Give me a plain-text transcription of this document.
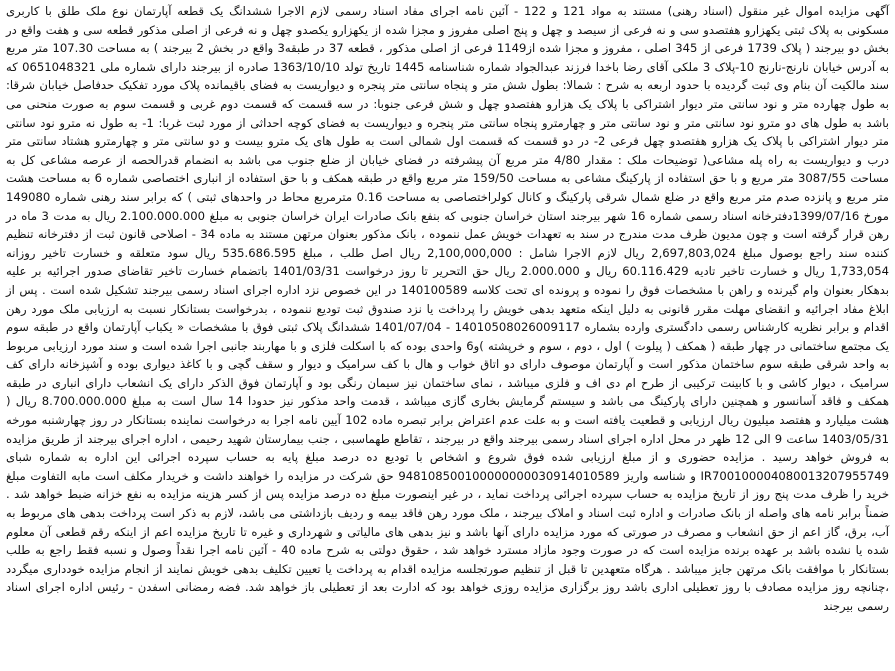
آگهی مزایده اموال غیر منقول (اسناد رهنی) مستند به مواد 121 و 122 - آئین نامه اجرای مفاد اسناد رسمی لازم الاجرا ششدانگ یک قطعه آپارتمان نوع ملک طلق با کاربری مسکونی به پلاک ثبتی یکهزارو هفتصدو سی و نه فرعی از سیصد و چهل و پنج اصلی مفروز و مجزا شده از یکهزارو یکصدو چهل و نه فرعی از اصلی مذکور قطعه سی و هفت واقع در بخش دو بیرجند ( پلاک 1739 فرعی از 345 اصلی ، مفروز و مجزا شده از1149 فرعی از اصلی مذکور ، قطعه 37 در طبقه3 واقع در بخش 2 بیرجند ) به مساحت 107.30 متر مربع به آدرس خیابان نارنج-نارنج 10-پلاک 3 ملکی آقای رضا باخدا فرزند عبدالجواد شماره شناسنامه 1445 تاریخ تولد 1363/10/10 صادره از بیرجند دارای شماره ملی 0651048321 که سند مالکیت آن بنام وی ثبت گردیده با حدود اربعه به شرح : شمالا: بطول شش متر و پنجاه سانتی متر پنجره و دیواریست به فضای باقیمانده پلاک مورد تفکیک حدفاصل خیابان شرقا: به طول چهارده متر و نود سانتی متر دیوار اشتراکی با پلاک یک هزارو هفتصدو چهل و شش فرعی جنوبا: در سه قسمت که قسمت دوم غربی و قسمت سوم به صورت منحنی می باشد به طول های دو مترو نود سانتی متر و نود سانتی متر و چهارمترو پنجاه سانتی متر پنجره و دیواریست به فضای کوچه احداثی از مورد ثبت غربا: 1- به طول نه مترو نود سانتی متر دیوار اشتراکی با پلاک یک هزارو هفتصدو چهل فرعی 2- در دو قسمت که قسمت اول شمالی است به طول های یک مترو بیست و دو سانتی متر و چهارمترو هشتاد سانتی متر درب و دیواریست به راه پله مشاعی( توضیحات ملک : مقدار 4/80 متر مربع آن پیشرفته در فضای خیابان از ضلع جنوب می باشد به انضمام قدرالحصه از عرصه مشاعی کل به مساحت 3087/55 متر مربع و با حق استفاده از پارکینگ مشاعی به مساحت 159/50 متر مربع واقع در طبقه همکف و با حق استفاده از انباری اختصاصی شماره 6 به مساحت هشت متر مربع و پانزده صدم متر مربع واقع در ضلع شمال شرقی پارکینگ و کانال کولراختصاصی به مساحت 0.16 مترمربع محاط در واحدهای ثبتی ) که برابر سند رهنی شماره 149080 مورخ 1399/07/16دفترخانه اسناد رسمی شماره 16 شهر بیرجند استان خراسان جنوبی که بنفع بانک صادرات ایران خراسان جنوبی به مبلغ 2.100.000.000 ریال به مدت 3 ماه در رهن قرار گرفته است و چون مدیون ظرف مدت مندرج در سند به تعهدات خویش عمل ننموده ، بانک مذکور بعنوان مرتهن مستند به ماده 34 - اصلاحی قانون ثبت از دفترخانه تنظیم کننده سند راجع بوصول مبلغ 2,697,803,024 ریال لازم الاجرا شامل : 2,100,000,000 ریال اصل طلب ، مبلغ 535.686.595 ریال سود متعلقه و خسارت تاخیر روزانه 1,733,054 ریال و خسارت تاخیر تادیه 60.116.429 ریال و 2.000.000 ریال حق التحریر تا روز درخواست 1401/03/31 باتضمام خسارت تاخیر تقاضای صدور اجرائیه بر علیه بدهکار بعنوان وام گیرنده و راهن با مشخصات فوق را نموده و پرونده ای تحت کلاسه 140100589 در این خصوص نزد اداره اجرای اسناد رسمی بیرجند تشکیل شده است . پس از ابلاغ مفاد اجرائیه و انقضای مهلت مقرر قانونی به دلیل اینکه متعهد بدهی خویش را پرداخت یا نزد صندوق ثبت تودیع ننموده ، بدرخواست بستانکار نسبت به ارزیابی ملک مورد رهن اقدام و برابر نظریه کارشناس رسمی دادگستری وارده بشماره 14010508026009117 - 1401/07/04 ششدانگ پلاک ثبتی فوق با مشخصات « یکباب آپارتمان واقع در طبقه سوم یک مجتمع ساختمانی در چهار طبقه ( همکف ( پیلوت ) اول ، دوم ، سوم و خرپشته )و6 واحدی بوده که با اسکلت فلزی و با مهاربند جانبی اجرا شده است و سند مورد ارزیابی مربوط به واحد شرقی طبقه سوم ساختمان مذکور است و آپارتمان موصوف دارای دو اتاق خواب و هال با کف سرامیک و دیوار و سقف گچی و با کاغذ دیواری بوده و آشپزخانه دارای کف سرامیک ، دیوار کاشی و با کابینت ترکیبی از طرح ام دی اف و فلزی میباشد ، نمای ساختمان نیز سیمان رنگی بود و آپارتمان فوق الذکر دارای یک انشعاب دارای انباری در طبقه همکف و فاقد آسانسور و همچنین دارای پارکینگ می باشد و سیستم گرمایش بخاری گازی میباشد ، قدمت واحد مذکور نیز حدودا 14 سال است به مبلغ 8.700.000.000 ریال ( هشت میلیارد و هفتصد میلیون ریال ارزیابی و قطعیت یافته است و به علت عدم اعتراض برابر تبصره ماده 102 آیین نامه اجرا به درخواست نماینده بستانکار در روز چهارشنبه مورخه 1403/05/31 ساعت 9 الی 12 ظهر در محل اداره اجرای اسناد رسمی بیرجند واقع در بیرجند ، تقاطع طهماسبی ، جنب بیمارستان شهید رحیمی ، اداره اجرای بیرجند از طریق مزایده به فروش خواهد رسید . مزایده حضوری و از مبلغ ارزیابی شده فوق شروع و اشخاص با تودیع ده درصد مبلغ پایه به حساب سپرده اجرائی این اداره به شماره شبای IR700100004080013207955749 و شناسه واریز 948108500100000000030914010589 حق شرکت در مزایده را خواهند داشت و خریدار مکلف است مابه التفاوت مبلغ خرید را ظرف مدت پنج روز از تاریخ مزایده به حساب سپرده اجرائی پرداخت نماید ، در غیر اینصورت مبلغ ده درصد مزایده پس از کسر هزینه مزایده به نفع خزانه ضبط خواهد شد . ضمناً برابر نامه های واصله از بانک صادرات و اداره ثبت اسناد و املاک بیرجند ، ملک مورد رهن فاقد بیمه و ردیف بازداشتی می باشد، لازم به ذکر است پرداخت بدهی های مربوط به آب، برق، گاز اعم از حق انشعاب و مصرف در صورتی که مورد مزایده دارای آنها باشد و نیز بدهی های مالیاتی و شهرداری و غیره تا تاریخ مزایده اعم از اینکه رقم قطعی آن معلوم شده یا نشده باشد بر عهده برنده مزایده است که در صورت وجود مازاد مسترد خواهد شد ، حقوق دولتی به شرح ماده 40 - آئین نامه اجرا نقداً وصول و نسبه فقط راجع به طلب بستانکار با موافقت بانک مرتهن جایز میباشد . هرگاه متعهدین تا قبل از تنظیم صورتجلسه مزایده اقدام به پرداخت یا تعیین تکلیف بدهی خویش نمایند از انجام مزایده خودداری میگردد ،چنانچه روز مزایده مصادف با روز تعطیلی اداری باشد روز برگزاری مزایده روزی خواهد بود که ادارت بعد از تعطیلی باز خواهد شد. فضه رمضانی اسفدن - رئیس اداره اجرای اسناد رسمی بیرجند
